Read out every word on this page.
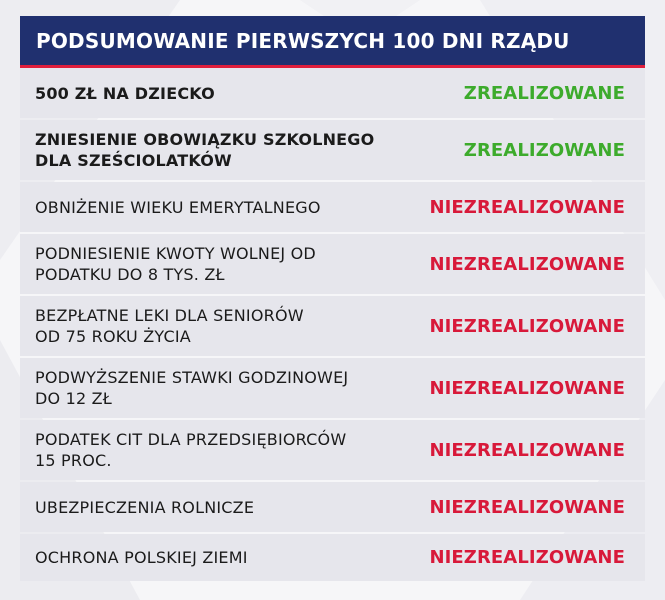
PODSUMOWANIE PIERWSZYCH 100 DNI RZĄDU
500 ZŁ NA DZIECKO	ZREALIZOWANE
ZNIESIENIE OBOWIĄZKU SZKOLNEGO
DLA SZEŚCIOLATKÓW	ZREALIZOWANE
OBNIŻENIE WIEKU EMERYTALNEGO	NIEZREALIZOWANE
PODNIESIENIE KWOTY WOLNEJ OD
PODATKU DO 8 TYS. ZŁ	NIEZREALIZOWANE
BEZPŁATNE LEKI DLA SENIORÓW
OD 75 ROKU ŻYCIA	NIEZREALIZOWANE
PODWYŻSZENIE STAWKI GODZINOWEJ
DO 12 ZŁ	NIEZREALIZOWANE
PODATEK CIT DLA PRZEDSIĘBIORCÓW
15 PROC.	NIEZREALIZOWANE
UBEZPIECZENIA ROLNICZE	NIEZREALIZOWANE
OCHRONA POLSKIEJ ZIEMI	NIEZREALIZOWANE
